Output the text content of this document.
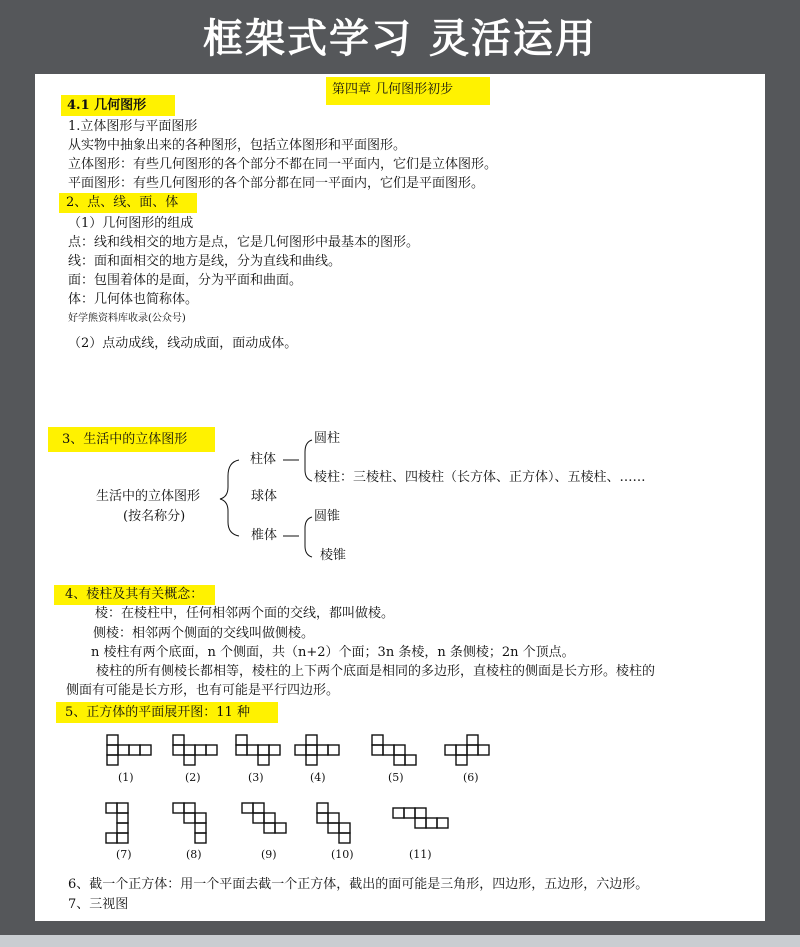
框架式学习 灵活运用
第四章 几何图形初步
4.1 几何图形
1.立体图形与平面图形
从实物中抽象出来的各种图形，包括立体图形和平面图形。
立体图形：有些几何图形的各个部分不都在同一平面内，它们是立体图形。
平面图形：有些几何图形的各个部分都在同一平面内，它们是平面图形。
2、点、线、面、体
（1）几何图形的组成
点：线和线相交的地方是点，它是几何图形中最基本的图形。
线：面和面相交的地方是线，分为直线和曲线。
面：包围着体的是面，分为平面和曲面。
体：几何体也简称体。
好学熊资料库收录(公众号)
（2）点动成线，线动成面，面动成体。
3、生活中的立体图形
生活中的立体图形
(按名称分)
柱体
球体
椎体
圆柱
棱柱：三棱柱、四棱柱（长方体、正方体）、五棱柱、……
圆锥
棱锥
4、棱柱及其有关概念：
棱：在棱柱中，任何相邻两个面的交线，都叫做棱。
侧棱：相邻两个侧面的交线叫做侧棱。
n 棱柱有两个底面，n 个侧面，共（n+2）个面；3n 条棱，n 条侧棱；2n 个顶点。
棱柱的所有侧棱长都相等，棱柱的上下两个底面是相同的多边形，直棱柱的侧面是长方形。棱柱的
侧面有可能是长方形，也有可能是平行四边形。
5、正方体的平面展开图：11 种
(1)	(2)	(3)	(4)	(5)	(6)
(7)	(8)	(9)	(10)	(11)
6、截一个正方体：用一个平面去截一个正方体，截出的面可能是三角形，四边形，五边形，六边形。
7、三视图
